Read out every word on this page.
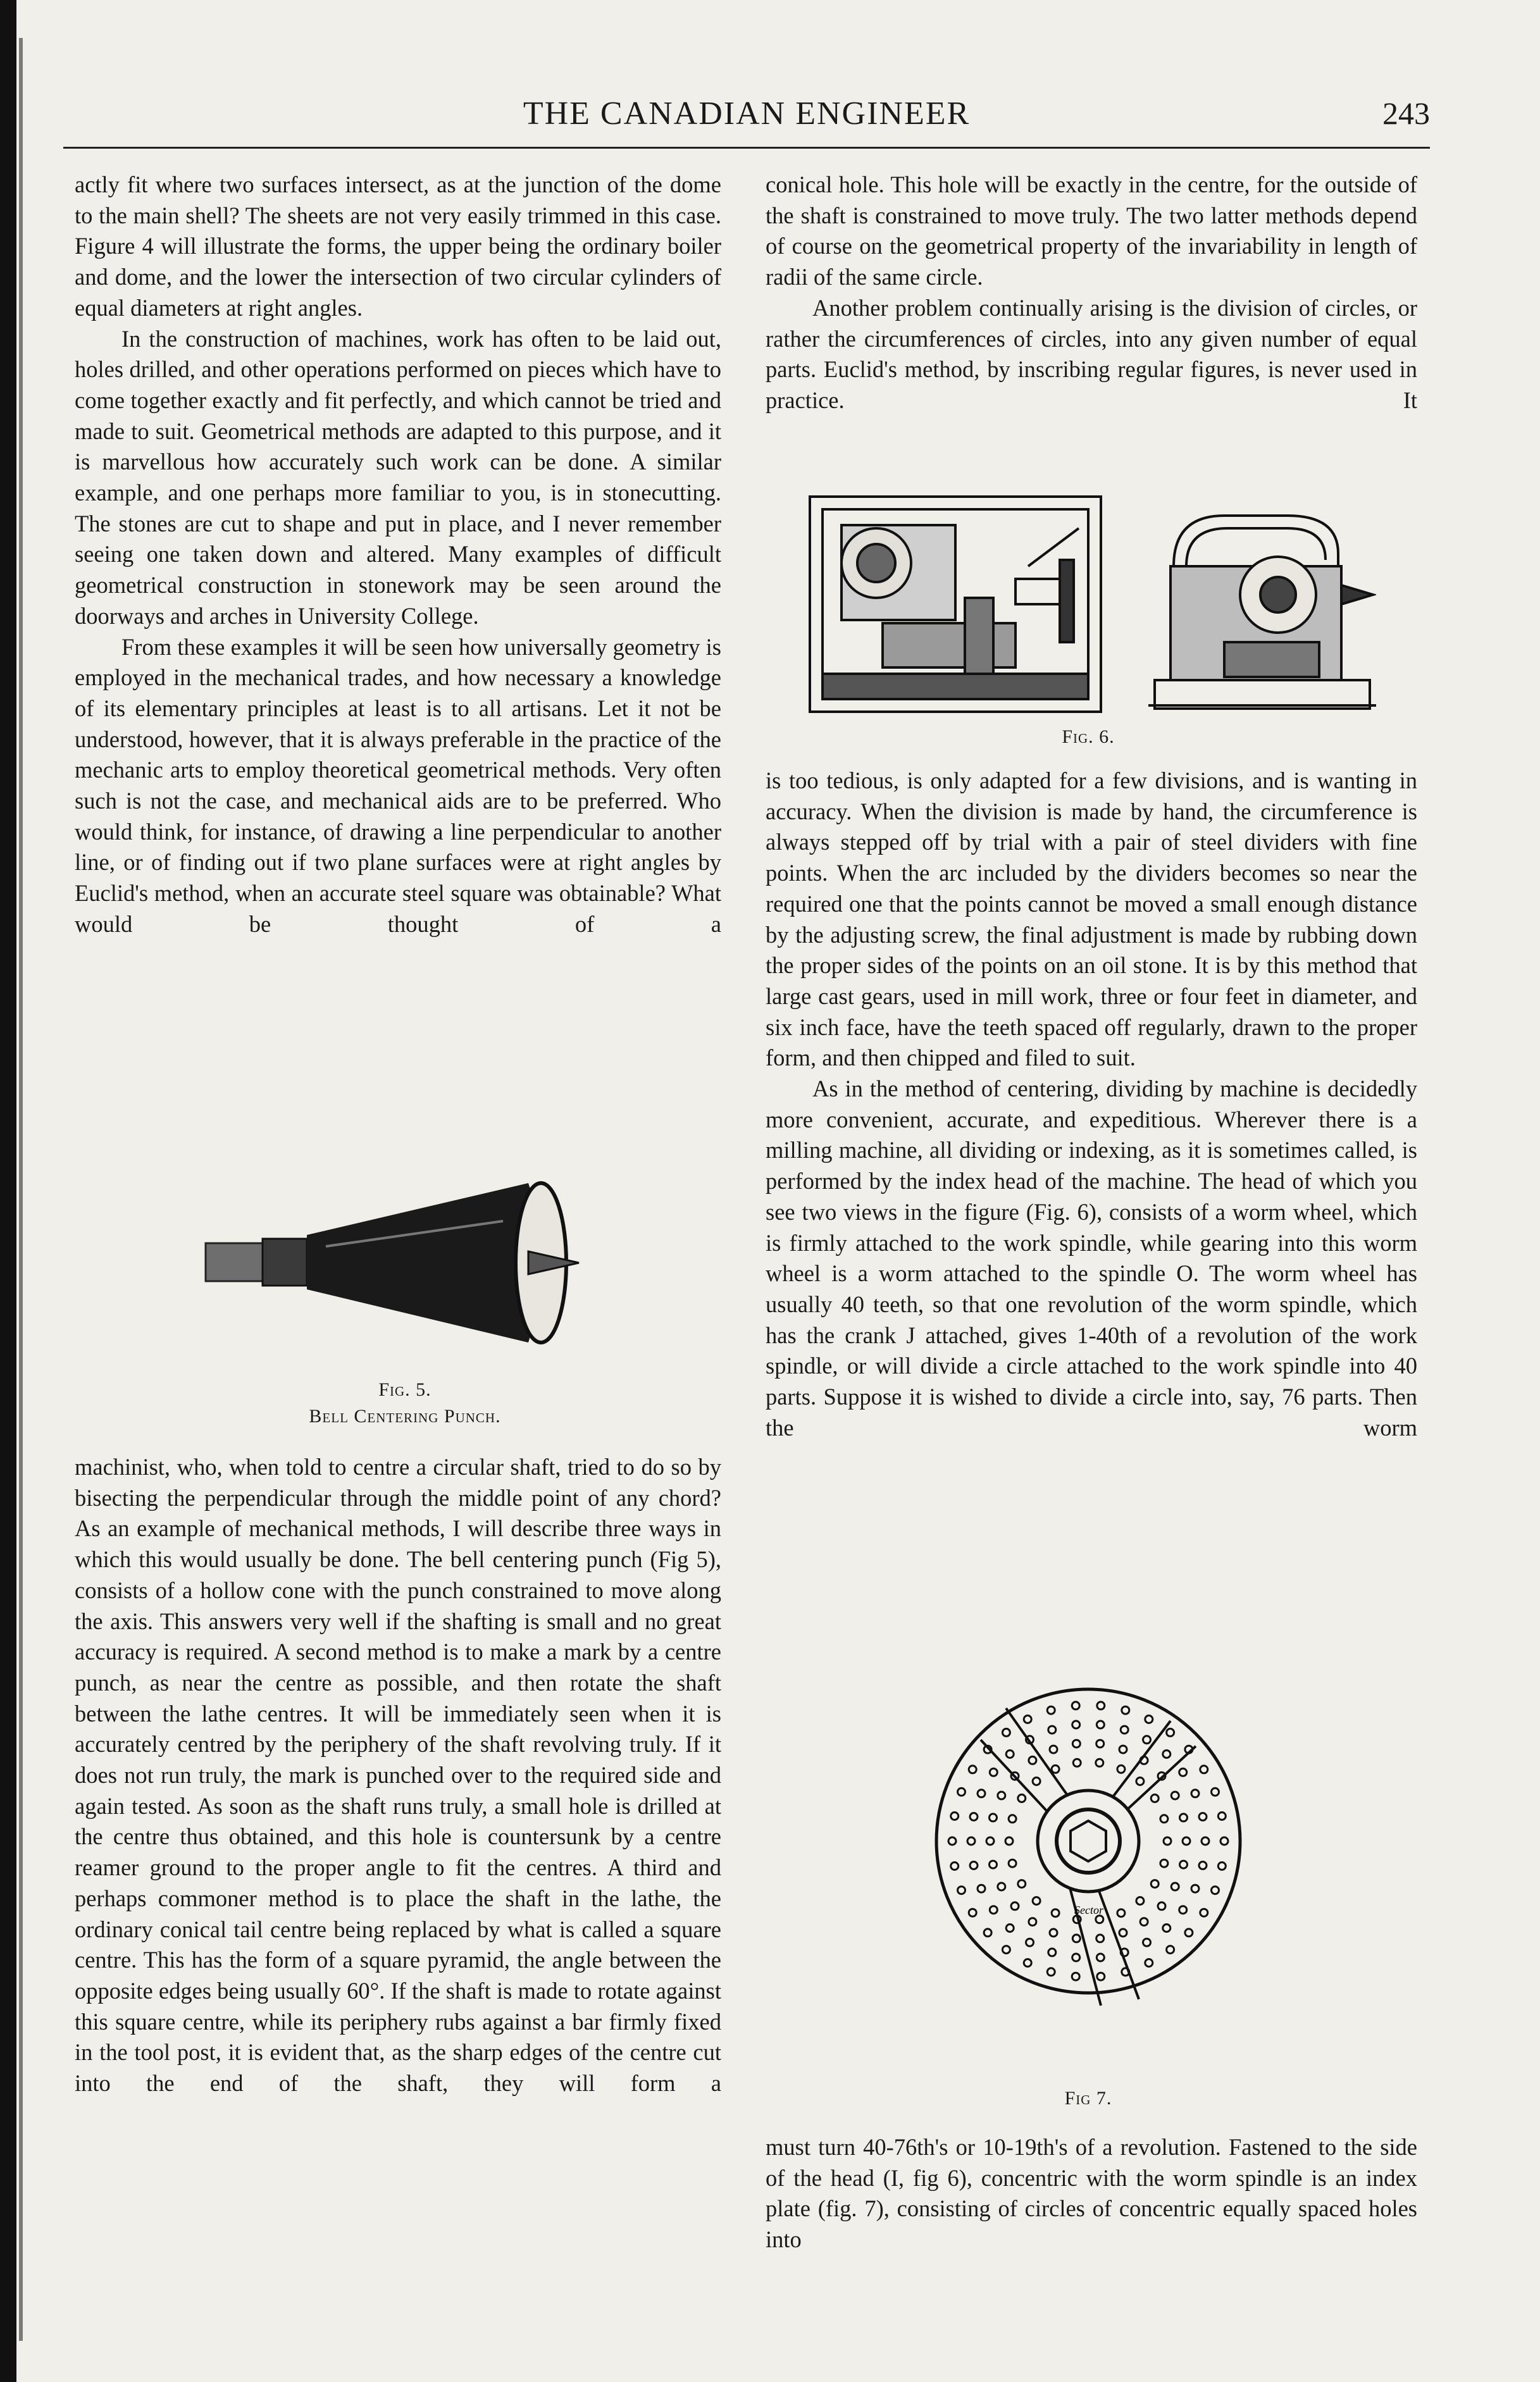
THE CANADIAN ENGINEER	243

actly fit where two surfaces intersect, as at the junction of the dome to the main shell? The sheets are not very easily trimmed in this case. Figure 4 will illustrate the forms, the upper being the ordinary boiler and dome, and the lower the intersection of two circular cylinders of equal diameters at right angles.

In the construction of machines, work has often to be laid out, holes drilled, and other operations performed on pieces which have to come together exactly and fit perfectly, and which cannot be tried and made to suit. Geometrical methods are adapted to this purpose, and it is marvellous how accurately such work can be done. A similar example, and one perhaps more familiar to you, is in stonecutting. The stones are cut to shape and put in place, and I never remember seeing one taken down and altered. Many examples of difficult geometrical construction in stonework may be seen around the doorways and arches in University College.

From these examples it will be seen how universally geometry is employed in the mechanical trades, and how necessary a knowledge of its elementary principles at least is to all artisans. Let it not be understood, however, that it is always preferable in the practice of the mechanic arts to employ theoretical geometrical methods. Very often such is not the case, and mechanical aids are to be preferred. Who would think, for instance, of drawing a line perpendicular to another line, or of finding out if two plane surfaces were at right angles by Euclid's method, when an accurate steel square was obtainable? What would be thought of a

Fig. 5.
Bell Centering Punch.

machinist, who, when told to centre a circular shaft, tried to do so by bisecting the perpendicular through the middle point of any chord? As an example of mechanical methods, I will describe three ways in which this would usually be done. The bell centering punch (Fig 5), consists of a hollow cone with the punch constrained to move along the axis. This answers very well if the shafting is small and no great accuracy is required. A second method is to make a mark by a centre punch, as near the centre as possible, and then rotate the shaft between the lathe centres. It will be immediately seen when it is accurately centred by the periphery of the shaft revolving truly. If it does not run truly, the mark is punched over to the required side and again tested. As soon as the shaft runs truly, a small hole is drilled at the centre thus obtained, and this hole is countersunk by a centre reamer ground to the proper angle to fit the centres. A third and perhaps commoner method is to place the shaft in the lathe, the ordinary conical tail centre being replaced by what is called a square centre. This has the form of a square pyramid, the angle between the opposite edges being usually 60°. If the shaft is made to rotate against this square centre, while its periphery rubs against a bar firmly fixed in the tool post, it is evident that, as the sharp edges of the centre cut into the end of the shaft, they will form a

conical hole. This hole will be exactly in the centre, for the outside of the shaft is constrained to move truly. The two latter methods depend of course on the geometrical property of the invariability in length of radii of the same circle.

Another problem continually arising is the division of circles, or rather the circumferences of circles, into any given number of equal parts. Euclid's method, by inscribing regular figures, is never used in practice. It

Fig. 6.

is too tedious, is only adapted for a few divisions, and is wanting in accuracy. When the division is made by hand, the circumference is always stepped off by trial with a pair of steel dividers with fine points. When the arc included by the dividers becomes so near the required one that the points cannot be moved a small enough distance by the adjusting screw, the final adjustment is made by rubbing down the proper sides of the points on an oil stone. It is by this method that large cast gears, used in mill work, three or four feet in diameter, and six inch face, have the teeth spaced off regularly, drawn to the proper form, and then chipped and filed to suit.

As in the method of centering, dividing by machine is decidedly more convenient, accurate, and expeditious. Wherever there is a milling machine, all dividing or indexing, as it is sometimes called, is performed by the index head of the machine. The head of which you see two views in the figure (Fig. 6), consists of a worm wheel, which is firmly attached to the work spindle, while gearing into this worm wheel is a worm attached to the spindle O. The worm wheel has usually 40 teeth, so that one revolution of the worm spindle, which has the crank J attached, gives 1-40th of a revolution of the work spindle, or will divide a circle attached to the work spindle into 40 parts. Suppose it is wished to divide a circle into, say, 76 parts. Then the worm

Sector
Fig 7.

must turn 40-76th's or 10-19th's of a revolution. Fastened to the side of the head (I, fig 6), concentric with the worm spindle is an index plate (fig. 7), consisting of circles of concentric equally spaced holes into
